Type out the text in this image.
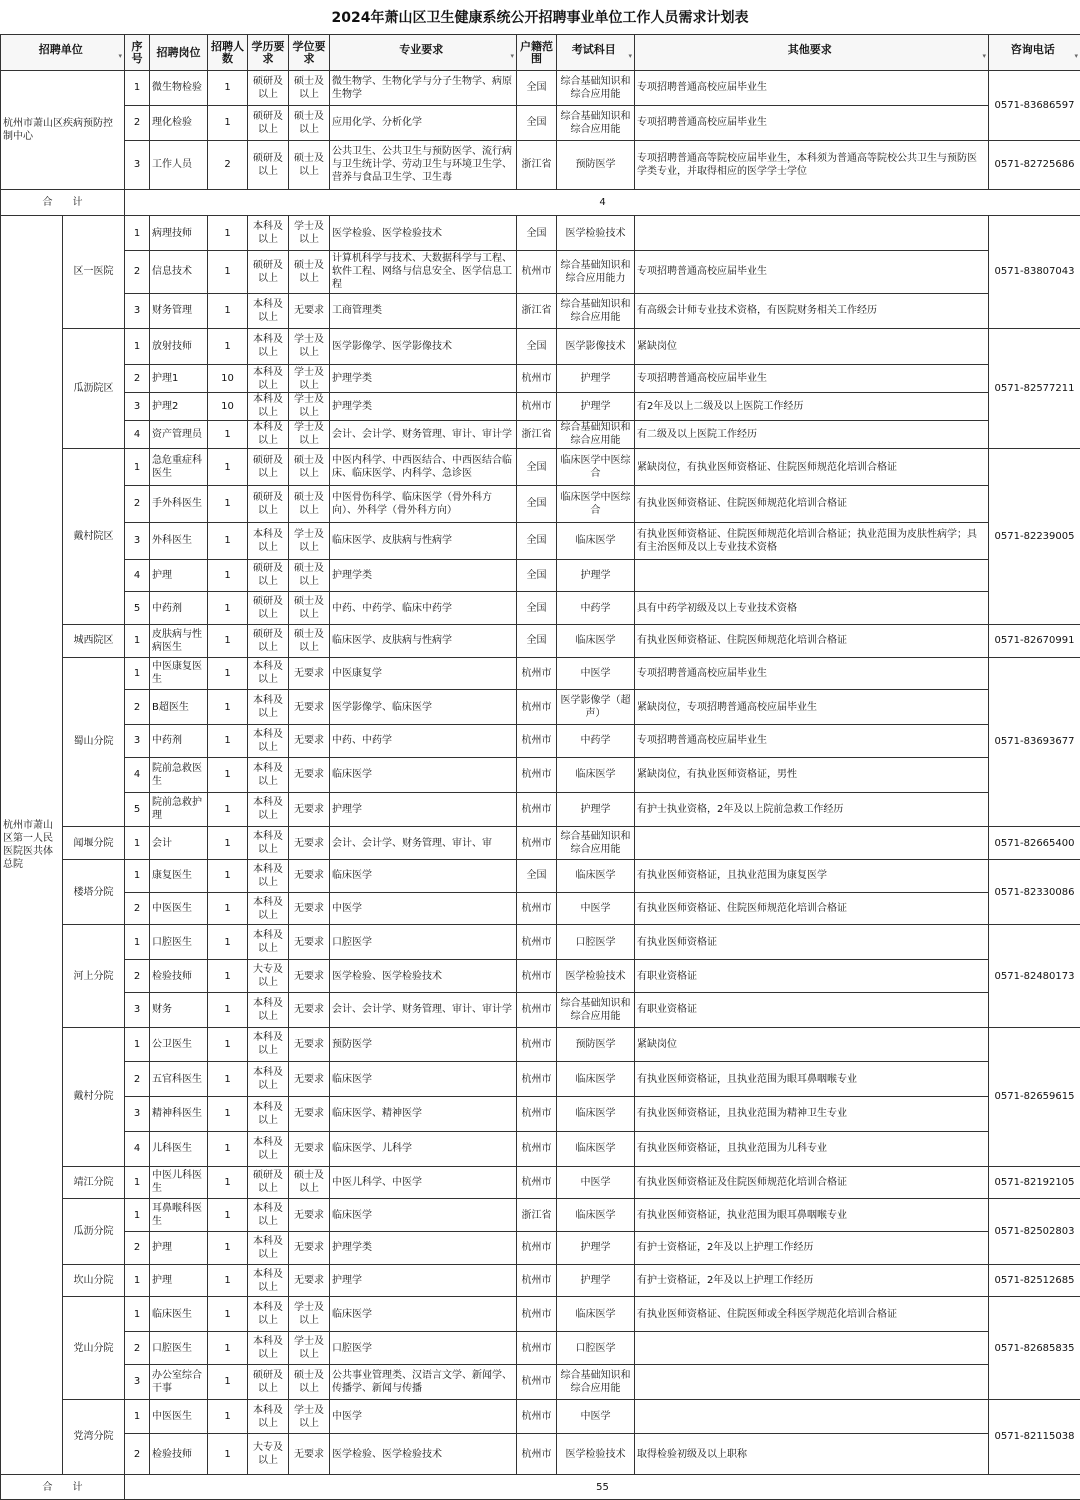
2024年萧山区卫生健康系统公开招聘事业单位工作人员需求计划表
招聘单位 ▾		序号	招聘岗位	招聘人数	学历要求	学位要求	专业要求 ▾	户籍范围	考试科目 ▾	其他要求 ▾	咨询电话 ▾

杭州市萧山区疾病预防控制中心		1	微生物检验	1	硕研及以上	硕士及以上	微生物学、生物化学与分子生物学、病原生物学	全国	综合基础知识和综合应用能	专项招聘普通高校应届毕业生	0571-83686597
		2	理化检验	1	硕研及以上	硕士及以上	应用化学、分析化学	全国	综合基础知识和综合应用能	专项招聘普通高校应届毕业生	

		3	工作人员	2	硕研及以上	硕士及以上	公共卫生、公共卫生与预防医学、流行病与卫生统计学、劳动卫生与环境卫生学、营养与食品卫生学、卫生毒	浙江省	预防医学	专项招聘普通高等院校应届毕业生，本科须为普通高等院校公共卫生与预防医学类专业，并取得相应的医学学士学位	0571-82725686
合　　计		4									
杭州市萧山区第一人民医院医共体总院	区一医院	1	病理技师	1	本科及以上	学士及以上	医学检验、医学检验技术	全国	医学检验技术		0571-83807043
		2	信息技术	1	硕研及以上	硕士及以上	计算机科学与技术、大数据科学与工程、软件工程、网络与信息安全、医学信息工程	杭州市	综合基础知识和综合应用能力	专项招聘普通高校应届毕业生	

		3	财务管理	1	本科及以上	无要求	工商管理类	浙江省	综合基础知识和综合应用能	有高级会计师专业技术资格，有医院财务相关工作经历	

	瓜沥院区	1	放射技师	1	本科及以上	学士及以上	医学影像学、医学影像技术	全国	医学影像技术	紧缺岗位	0571-82577211
		2	护理1	10	本科及以上	学士及以上	护理学类	杭州市	护理学	专项招聘普通高校应届毕业生	

		3	护理2	10	本科及以上	学士及以上	护理学类	杭州市	护理学	有2年及以上二级及以上医院工作经历	

		4	资产管理员	1	本科及以上	学士及以上	会计、会计学、财务管理、审计、审计学	浙江省	综合基础知识和综合应用能	有二级及以上医院工作经历	

	戴村院区	1	急危重症科医生	1	硕研及以上	硕士及以上	中医内科学、中西医结合、中西医结合临床、临床医学、内科学、急诊医	全国	临床医学中医综合	紧缺岗位，有执业医师资格证、住院医师规范化培训合格证	0571-82239005
		2	手外科医生	1	硕研及以上	硕士及以上	中医骨伤科学、临床医学（骨外科方向）、外科学（骨外科方向）	全国	临床医学中医综合	有执业医师资格证、住院医师规范化培训合格证	

		3	外科医生	1	本科及以上	学士及以上	临床医学、皮肤病与性病学	全国	临床医学	有执业医师资格证、住院医师规范化培训合格证；执业范围为皮肤性病学；具有主治医师及以上专业技术资格	

		4	护理	1	硕研及以上	硕士及以上	护理学类	全国	护理学		

		5	中药剂	1	硕研及以上	硕士及以上	中药、中药学、临床中药学	全国	中药学	具有中药学初级及以上专业技术资格	

	城西院区	1	皮肤病与性病医生	1	硕研及以上	硕士及以上	临床医学、皮肤病与性病学	全国	临床医学	有执业医师资格证、住院医师规范化培训合格证	0571-82670991
	蜀山分院	1	中医康复医生	1	本科及以上	无要求	中医康复学	杭州市	中医学	专项招聘普通高校应届毕业生	0571-83693677
		2	B超医生	1	本科及以上	无要求	医学影像学、临床医学	杭州市	医学影像学（超声）	紧缺岗位，专项招聘普通高校应届毕业生	

		3	中药剂	1	本科及以上	无要求	中药、中药学	杭州市	中药学	专项招聘普通高校应届毕业生	

		4	院前急救医生	1	本科及以上	无要求	临床医学	杭州市	临床医学	紧缺岗位，有执业医师资格证，男性	

		5	院前急救护理	1	本科及以上	无要求	护理学	杭州市	护理学	有护士执业资格，2年及以上院前急救工作经历	

	闻堰分院	1	会计	1	本科及以上	无要求	会计、会计学、财务管理、审计、审	杭州市	综合基础知识和综合应用能		0571-82665400
	楼塔分院	1	康复医生	1	本科及以上	无要求	临床医学	全国	临床医学	有执业医师资格证，且执业范围为康复医学	0571-82330086
		2	中医医生	1	本科及以上	无要求	中医学	杭州市	中医学	有执业医师资格证、住院医师规范化培训合格证	

	河上分院	1	口腔医生	1	本科及以上	无要求	口腔医学	杭州市	口腔医学	有执业医师资格证	0571-82480173
		2	检验技师	1	大专及以上	无要求	医学检验、医学检验技术	杭州市	医学检验技术	有职业资格证	

		3	财务	1	本科及以上	无要求	会计、会计学、财务管理、审计、审计学	杭州市	综合基础知识和综合应用能	有职业资格证	

	戴村分院	1	公卫医生	1	本科及以上	无要求	预防医学	杭州市	预防医学	紧缺岗位	0571-82659615
		2	五官科医生	1	本科及以上	无要求	临床医学	杭州市	临床医学	有执业医师资格证，且执业范围为眼耳鼻咽喉专业	

		3	精神科医生	1	本科及以上	无要求	临床医学、精神医学	杭州市	临床医学	有执业医师资格证，且执业范围为精神卫生专业	

		4	儿科医生	1	本科及以上	无要求	临床医学、儿科学	杭州市	临床医学	有执业医师资格证，且执业范围为儿科专业	

	靖江分院	1	中医儿科医生	1	硕研及以上	硕士及以上	中医儿科学、中医学	杭州市	中医学	有执业医师资格证及住院医师规范化培训合格证	0571-82192105
	瓜沥分院	1	耳鼻喉科医生	1	本科及以上	无要求	临床医学	浙江省	临床医学	有执业医师资格证，执业范围为眼耳鼻咽喉专业	0571-82502803
		2	护理	1	本科及以上	无要求	护理学类	杭州市	护理学	有护士资格证，2年及以上护理工作经历	

	坎山分院	1	护理	1	本科及以上	无要求	护理学	杭州市	护理学	有护士资格证，2年及以上护理工作经历	0571-82512685
	党山分院	1	临床医生	1	本科及以上	学士及以上	临床医学	杭州市	临床医学	有执业医师资格证、住院医师或全科医学规范化培训合格证	0571-82685835
		2	口腔医生	1	本科及以上	学士及以上	口腔医学	杭州市	口腔医学		

		3	办公室综合干事	1	硕研及以上	硕士及以上	公共事业管理类、汉语言文学、新闻学、传播学、新闻与传播	杭州市	综合基础知识和综合应用能		

	党湾分院	1	中医医生	1	本科及以上	学士及以上	中医学	杭州市	中医学		0571-82115038
		2	检验技师	1	大专及以上	无要求	医学检验、医学检验技术	杭州市	医学检验技术	取得检验初级及以上职称	

合　　计		55									
